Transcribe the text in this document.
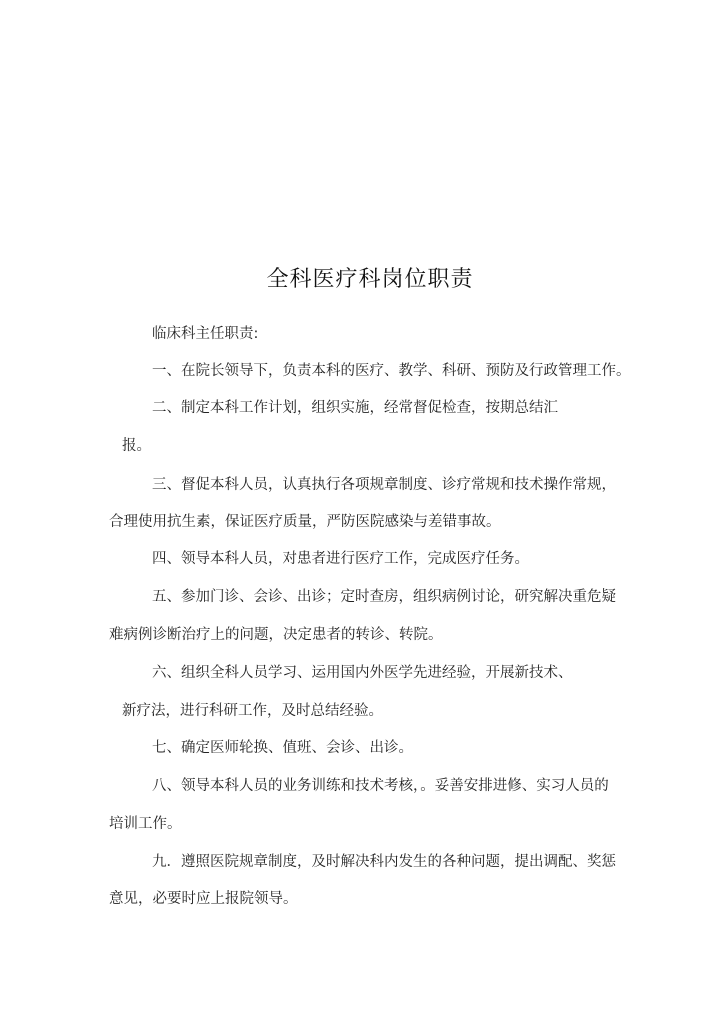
全科医疗科岗位职责
临床科主任职责:
一、在院长领导下，负责本科的医疗、教学、科研、预防及行政管理工作。
二、制定本科工作计划，组织实施，经常督促检查，按期总结汇
报。
三、督促本科人员，认真执行各项规章制度、诊疗常规和技术操作常规，
合理使用抗生素，保证医疗质量，严防医院感染与差错事故。
四、领导本科人员，对患者进行医疗工作，完成医疗任务。
五、参加门诊、会诊、出诊；定时查房，组织病例讨论，研究解决重危疑
难病例诊断治疗上的问题，决定患者的转诊、转院。
六、组织全科人员学习、运用国内外医学先进经验，开展新技术、
新疗法，进行科研工作，及时总结经验。
七、确定医师轮换、值班、会诊、出诊。
八、领导本科人员的业务训练和技术考核，。妥善安排进修、实习人员的
培训工作。
九．遵照医院规章制度，及时解决科内发生的各种问题，提出调配、奖惩
意见，必要时应上报院领导。
